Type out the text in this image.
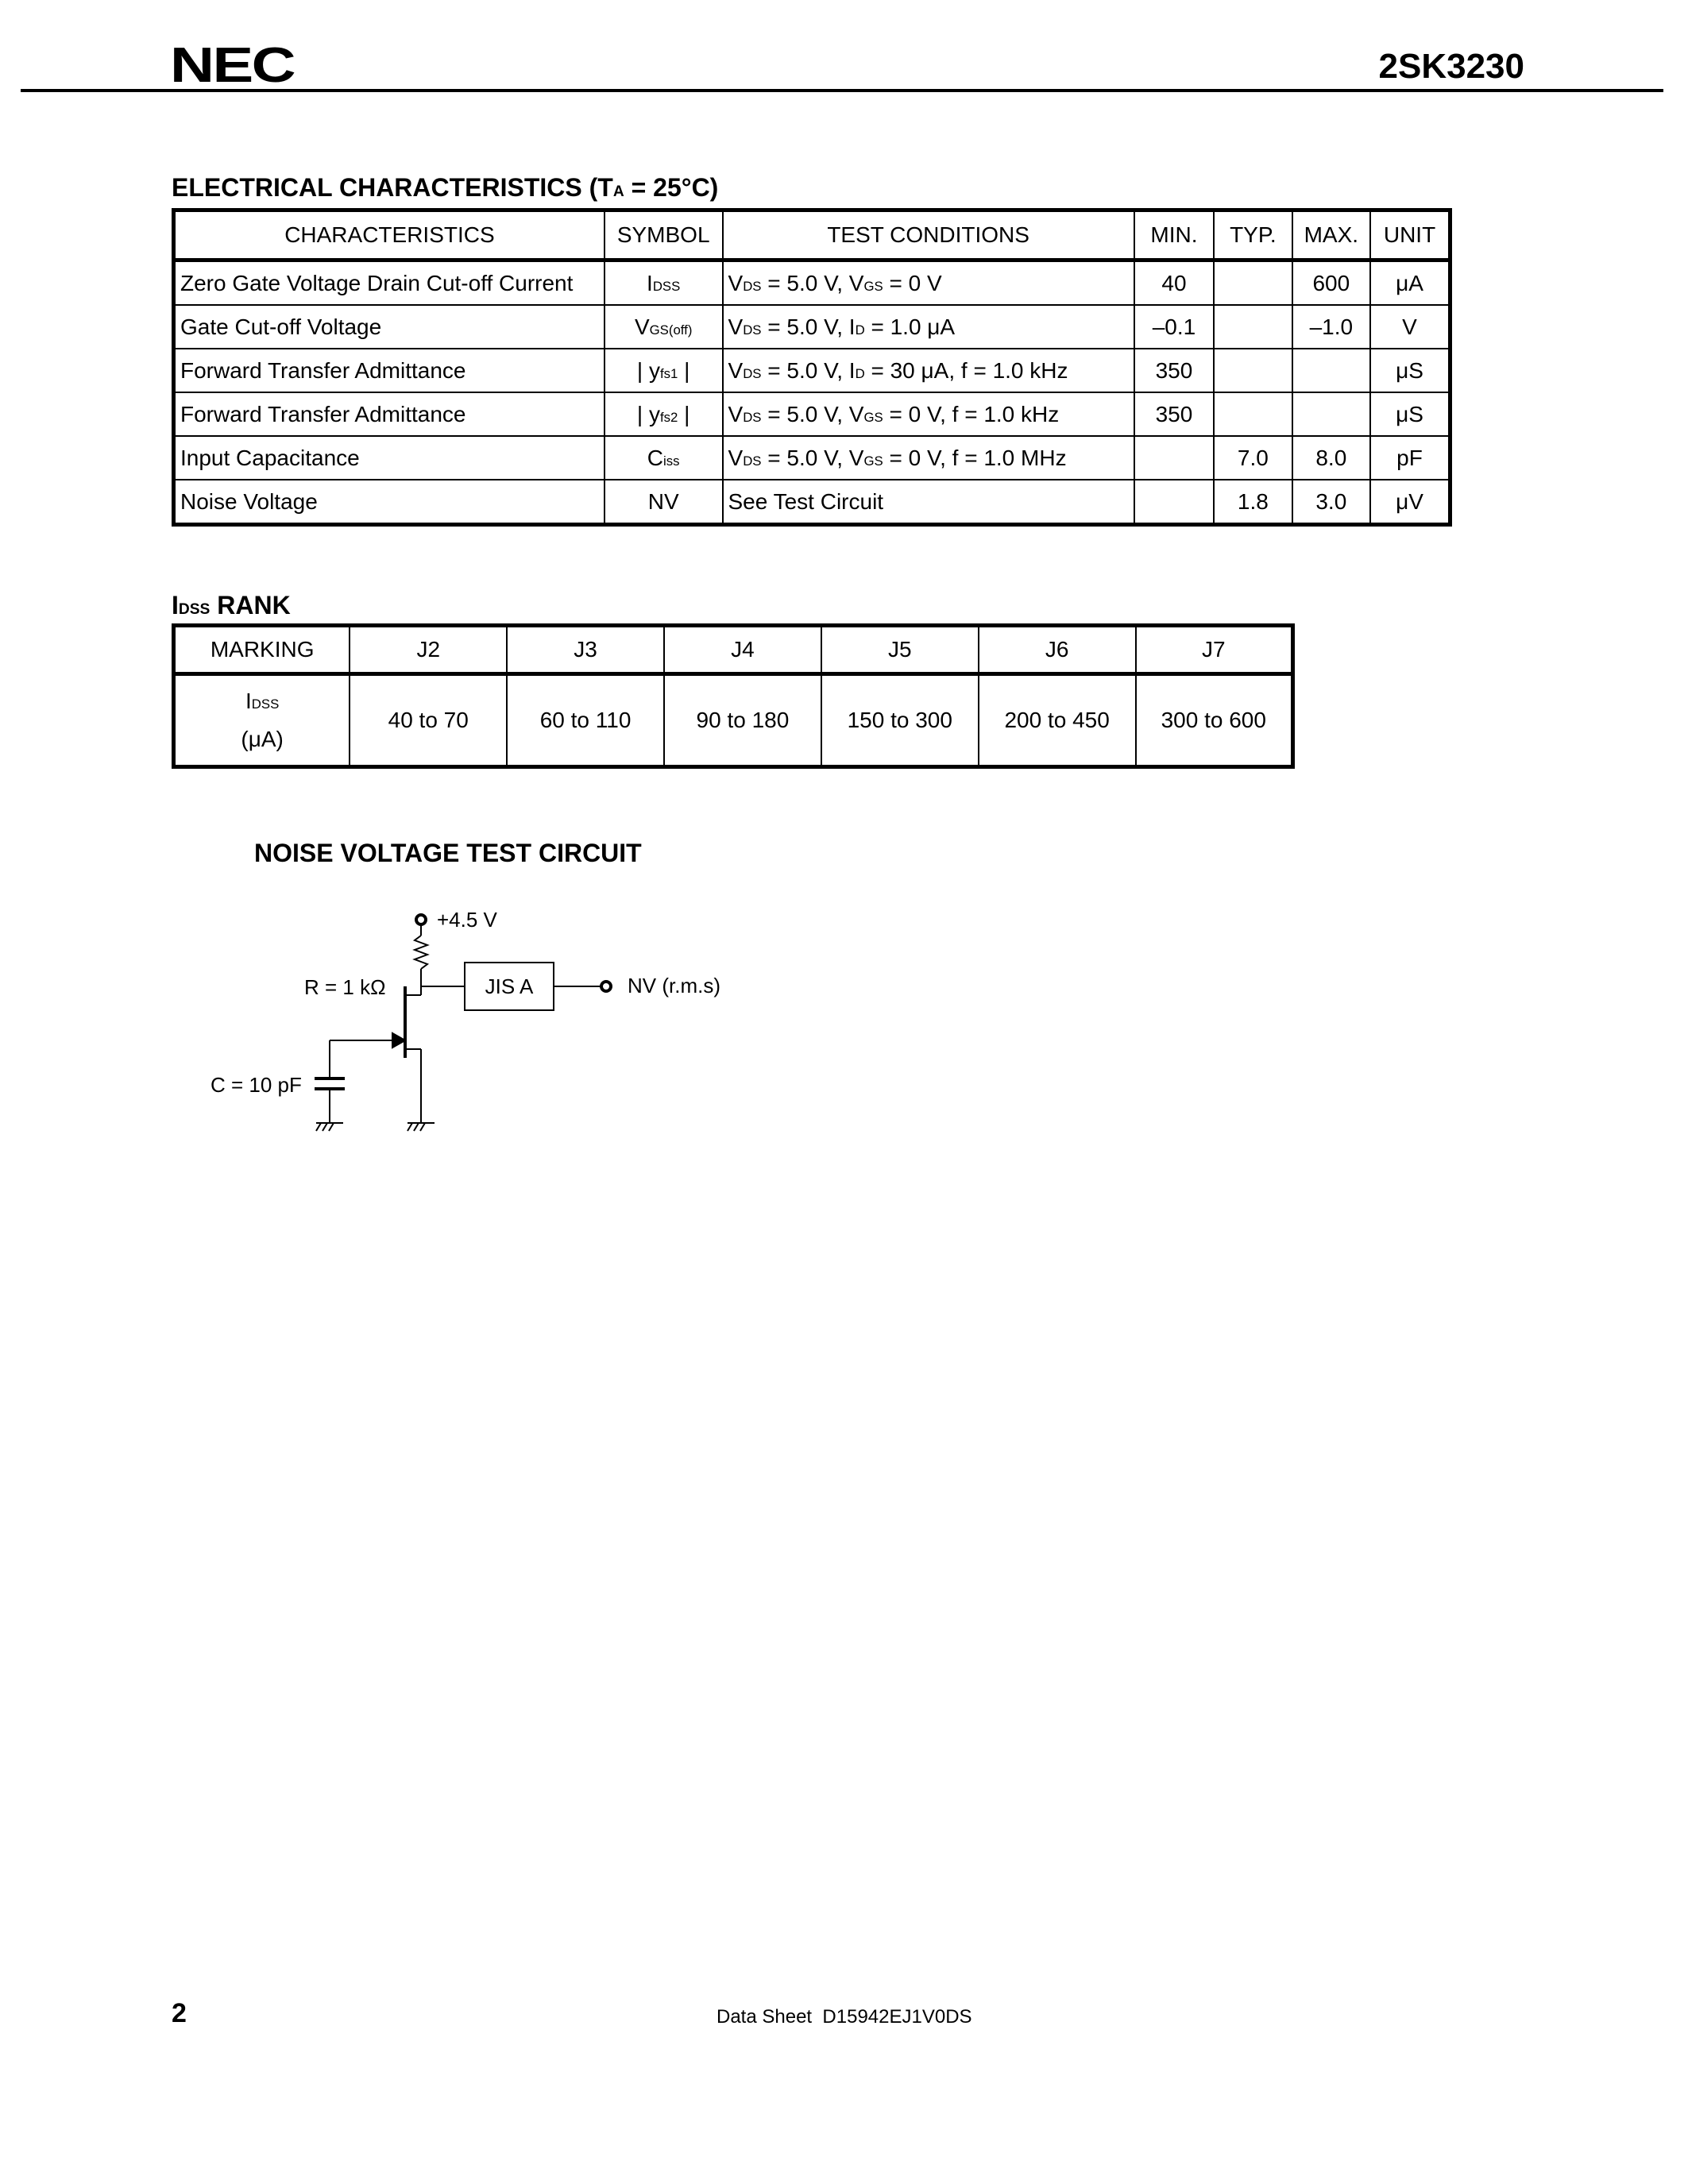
NEC	2SK3230
ELECTRICAL CHARACTERISTICS (TA = 25°C)
CHARACTERISTICS	SYMBOL	TEST CONDITIONS	MIN.	TYP.	MAX.	UNIT
Zero Gate Voltage Drain Cut-off Current	IDSS	VDS = 5.0 V, VGS = 0 V	40		600	μA
Gate Cut-off Voltage	VGS(off)	VDS = 5.0 V, ID = 1.0 μA	–0.1		–1.0	V
Forward Transfer Admittance	| yfs1 |	VDS = 5.0 V, ID = 30 μA, f = 1.0 kHz	350			μS
Forward Transfer Admittance	| yfs2 |	VDS = 5.0 V, VGS = 0 V, f = 1.0 kHz	350			μS
Input Capacitance	Ciss	VDS = 5.0 V, VGS = 0 V, f = 1.0 MHz		7.0	8.0	pF
Noise Voltage	NV	See Test Circuit		1.8	3.0	μV
IDSS RANK
MARKING	J2	J3	J4	J5	J6	J7

IDSS
(μA)	40 to 70	60 to 110	90 to 180	150 to 300	200 to 450	300 to 600
NOISE VOLTAGE TEST CIRCUIT
+4.5 V
R = 1 kΩ	JIS A	NV (r.m.s)
C = 10 pF
2	Data Sheet  D15942EJ1V0DS
